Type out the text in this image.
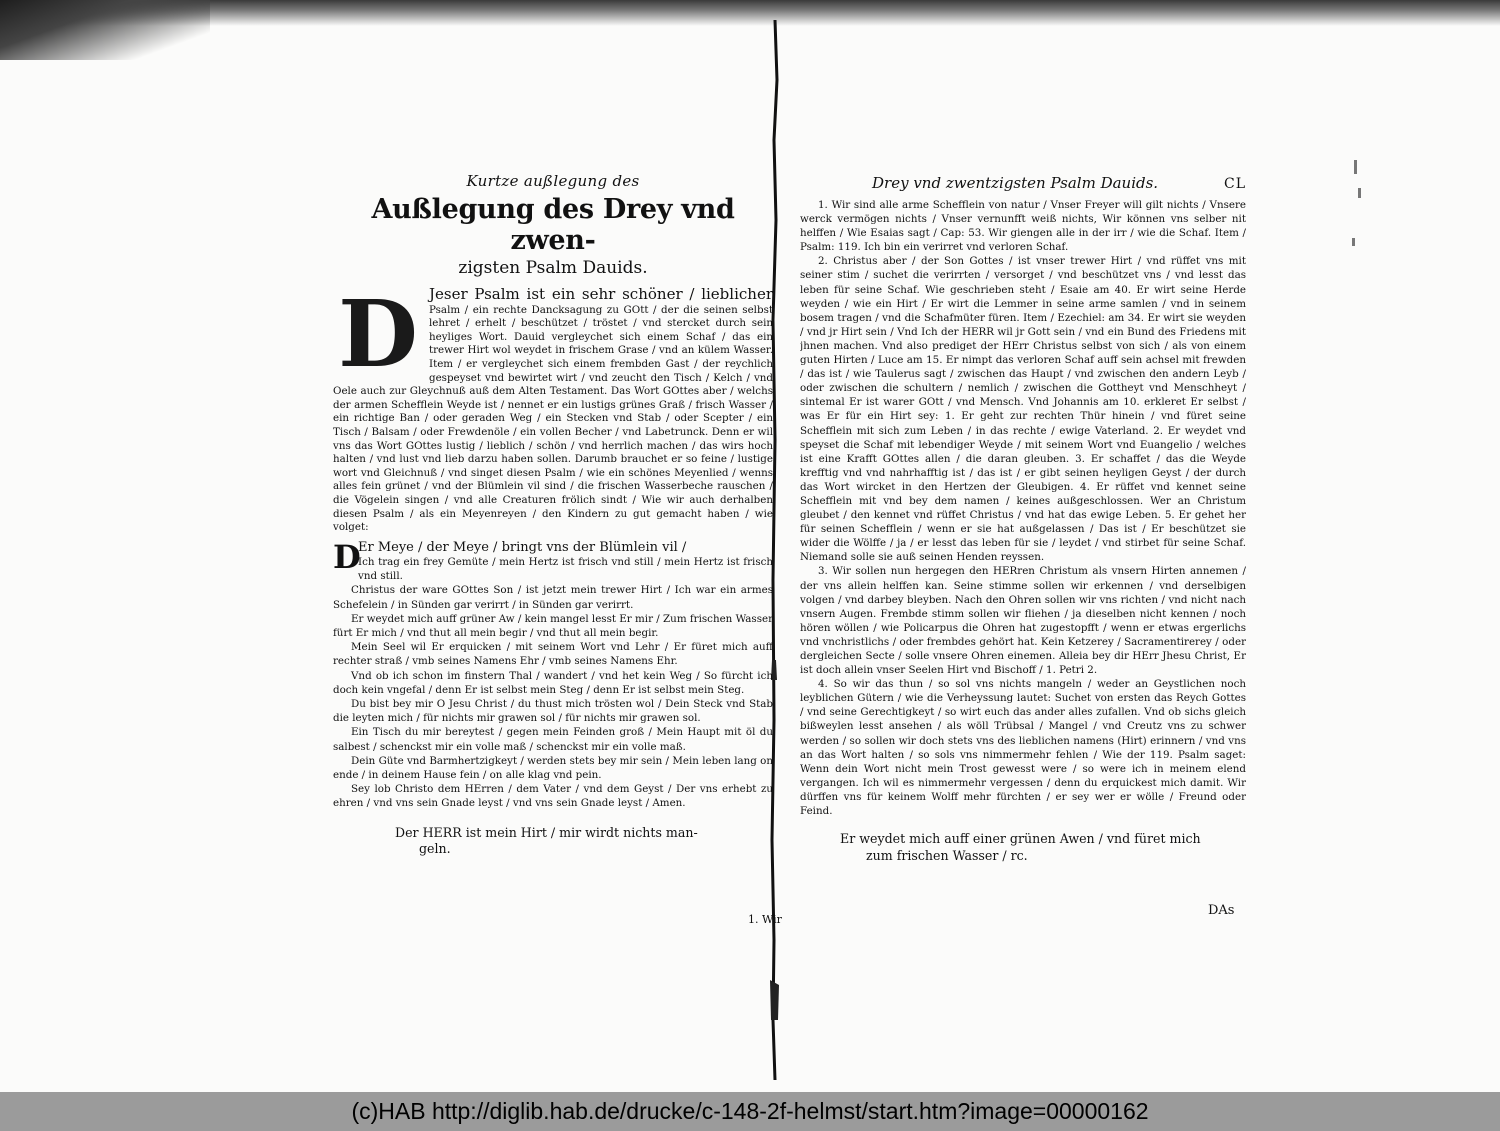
Kurtze außlegung des
Außlegung des Drey vnd zwen-
zigsten Psalm Dauids.
D Jeser Psalm ist ein sehr schöner / lieblicher Psalm / ein rechte Dancksagung zu GOtt / der die seinen selbst lehret / erhelt / beschützet / tröstet / vnd stercket durch sein heyliges Wort. Dauid vergleychet sich einem Schaf / das ein trewer Hirt wol weydet in frischem Grase / vnd an külem Wasser. Item / er vergleychet sich einem frembden Gast / der reychlich gespeyset vnd bewirtet wirt / vnd zeucht den Tisch / Kelch / vnd Oele auch zur Gleychnuß auß dem Alten Testament. Das Wort GOttes aber / welchs der armen Schefflein Weyde ist / nennet er ein lustigs grünes Graß / frisch Wasser / ein richtige Ban / oder geraden Weg / ein Stecken vnd Stab / oder Scepter / ein Tisch / Balsam / oder Frewdenöle / ein vollen Becher / vnd Labetrunck. Denn er wil vns das Wort GOttes lustig / lieblich / schön / vnd herrlich machen / das wirs hoch halten / vnd lust vnd lieb darzu haben sollen. Darumb brauchet er so feine / lustige wort vnd Gleichnuß / vnd singet diesen Psalm / wie ein schönes Meyenlied / wenns alles fein grünet / vnd der Blümlein vil sind / die frischen Wasserbeche rauschen / die Vögelein singen / vnd alle Creaturen frölich sindt / Wie wir auch derhalben diesen Psalm / als ein Meyenreyen / den Kindern zu gut gemacht haben / wie volget:
D
Er Meye / der Meye / bringt vns der Blümlein vil /

Ich trag ein frey Gemüte / mein Hertz ist frisch vnd still / mein Hertz ist frisch vnd still.

Christus der ware GOttes Son / ist jetzt mein trewer Hirt / Ich war ein armes Schefelein / in Sünden gar verirrt / in Sünden gar verirrt.

Er weydet mich auff grüner Aw / kein mangel lesst Er mir / Zum frischen Wasser fürt Er mich / vnd thut all mein begir / vnd thut all mein begir.

Mein Seel wil Er erquicken / mit seinem Wort vnd Lehr / Er füret mich auff rechter straß / vmb seines Namens Ehr / vmb seines Namens Ehr.

Vnd ob ich schon im finstern Thal / wandert / vnd het kein Weg / So fürcht ich doch kein vngefal / denn Er ist selbst mein Steg / denn Er ist selbst mein Steg.

Du bist bey mir O Jesu Christ / du thust mich trösten wol / Dein Steck vnd Stab die leyten mich / für nichts mir grawen sol / für nichts mir grawen sol.

Ein Tisch du mir bereytest / gegen mein Feinden groß / Mein Haupt mit öl du salbest / schenckst mir ein volle maß / schenckst mir ein volle maß.

Dein Güte vnd Barmhertzigkeyt / werden stets bey mir sein / Mein leben lang on ende / in deinem Hause fein / on alle klag vnd pein.

Sey lob Christo dem HErren / dem Vater / vnd dem Geyst / Der vns erhebt zu ehren / vnd vns sein Gnade leyst / vnd vns sein Gnade leyst / Amen.

Der HERR ist mein Hirt / mir wirdt nichts man-
geln.
1. Wir
Drey vnd zwentzigsten Psalm Dauids.	CL

1. Wir sind alle arme Schefflein von natur / Vnser Freyer will gilt nichts / Vnsere werck vermögen nichts / Vnser vernunfft weiß nichts, Wir können vns selber nit helffen / Wie Esaias sagt / Cap: 53. Wir giengen alle in der irr / wie die Schaf. Item / Psalm: 119. Ich bin ein verirret vnd verloren Schaf.

2. Christus aber / der Son Gottes / ist vnser trewer Hirt / vnd rüffet vns mit seiner stim / suchet die verirrten / versorget / vnd beschützet vns / vnd lesst das leben für seine Schaf. Wie geschrieben steht / Esaie am 40. Er wirt seine Herde weyden / wie ein Hirt / Er wirt die Lemmer in seine arme samlen / vnd in seinem bosem tragen / vnd die Schafmüter füren. Item / Ezechiel: am 34. Er wirt sie weyden / vnd jr Hirt sein / Vnd Ich der HERR wil jr Gott sein / vnd ein Bund des Friedens mit jhnen machen. Vnd also prediget der HErr Christus selbst von sich / als von einem guten Hirten / Luce am 15. Er nimpt das verloren Schaf auff sein achsel mit frewden / das ist / wie Taulerus sagt / zwischen das Haupt / vnd zwischen den andern Leyb / oder zwischen die schultern / nemlich / zwischen die Gottheyt vnd Menschheyt / sintemal Er ist warer GOtt / vnd Mensch. Vnd Johannis am 10. erkleret Er selbst / was Er für ein Hirt sey: 1. Er geht zur rechten Thür hinein / vnd füret seine Schefflein mit sich zum Leben / in das rechte / ewige Vaterland. 2. Er weydet vnd speyset die Schaf mit lebendiger Weyde / mit seinem Wort vnd Euangelio / welches ist eine Krafft GOttes allen / die daran gleuben. 3. Er schaffet / das die Weyde krefftig vnd vnd nahrhafftig ist / das ist / er gibt seinen heyligen Geyst / der durch das Wort wircket in den Hertzen der Gleubigen. 4. Er rüffet vnd kennet seine Schefflein mit vnd bey dem namen / keines außgeschlossen. Wer an Christum gleubet / den kennet vnd rüffet Christus / vnd hat das ewige Leben. 5. Er gehet her für seinen Schefflein / wenn er sie hat außgelassen / Das ist / Er beschützet sie wider die Wölffe / ja / er lesst das leben für sie / leydet / vnd stirbet für seine Schaf. Niemand solle sie auß seinen Henden reyssen.

3. Wir sollen nun hergegen den HERren Christum als vnsern Hirten annemen / der vns allein helffen kan. Seine stimme sollen wir erkennen / vnd derselbigen volgen / vnd darbey bleyben. Nach den Ohren sollen wir vns richten / vnd nicht nach vnsern Augen. Frembde stimm sollen wir fliehen / ja dieselben nicht kennen / noch hören wöllen / wie Policarpus die Ohren hat zugestopfft / wenn er etwas ergerlichs vnd vnchristlichs / oder frembdes gehört hat. Kein Ketzerey / Sacramentirerey / oder dergleichen Secte / solle vnsere Ohren einemen. Alleia bey dir HErr Jhesu Christ, Er ist doch allein vnser Seelen Hirt vnd Bischoff / 1. Petri 2.

4. So wir das thun / so sol vns nichts mangeln / weder an Geystlichen noch leyblichen Gütern / wie die Verheyssung lautet: Suchet von ersten das Reych Gottes / vnd seine Gerechtigkeyt / so wirt euch das ander alles zufallen. Vnd ob sichs gleich bißweylen lesst ansehen / als wöll Trübsal / Mangel / vnd Creutz vns zu schwer werden / so sollen wir doch stets vns des lieblichen namens (Hirt) erinnern / vnd vns an das Wort halten / so sols vns nimmermehr fehlen / Wie der 119. Psalm saget: Wenn dein Wort nicht mein Trost gewesst were / so were ich in meinem elend vergangen. Ich wil es nimmermehr vergessen / denn du erquickest mich damit. Wir dürffen vns für keinem Wolff mehr fürchten / er sey wer er wölle / Freund oder Feind.

Er weydet mich auff einer grünen Awen / vnd füret mich
zum frischen Wasser / rc.
DAs
(c)HAB http://diglib.hab.de/drucke/c-148-2f-helmst/start.htm?image=00000162
